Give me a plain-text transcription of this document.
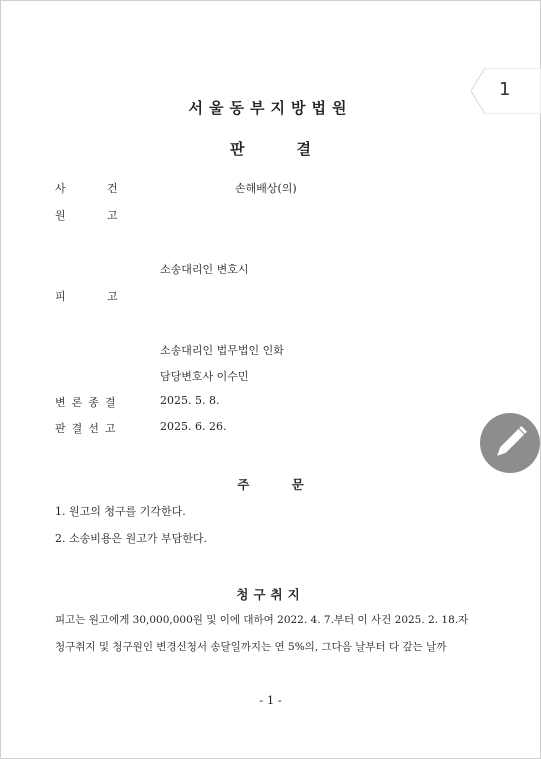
1
서울동부지방법원
판	결
사	건	손해배상(의)
원	고
소송대리인 변호시
피	고
소송대리인 법무법인 인화
담당변호사 이수민
변론종결	2025. 5. 8.
판결선고	2025. 6. 26.
주 문
1. 원고의 청구를 기각한다.
2. 소송비용은 원고가 부담한다.
청구취지
피고는 원고에게 30,000,000원 및 이에 대하여 2022. 4. 7.부터 이 사건 2025. 2. 18.자
청구취지 및 청구원인 변경신청서 송달일까지는 연 5%의, 그다음 날부터 다 갚는 날까
- 1 -
